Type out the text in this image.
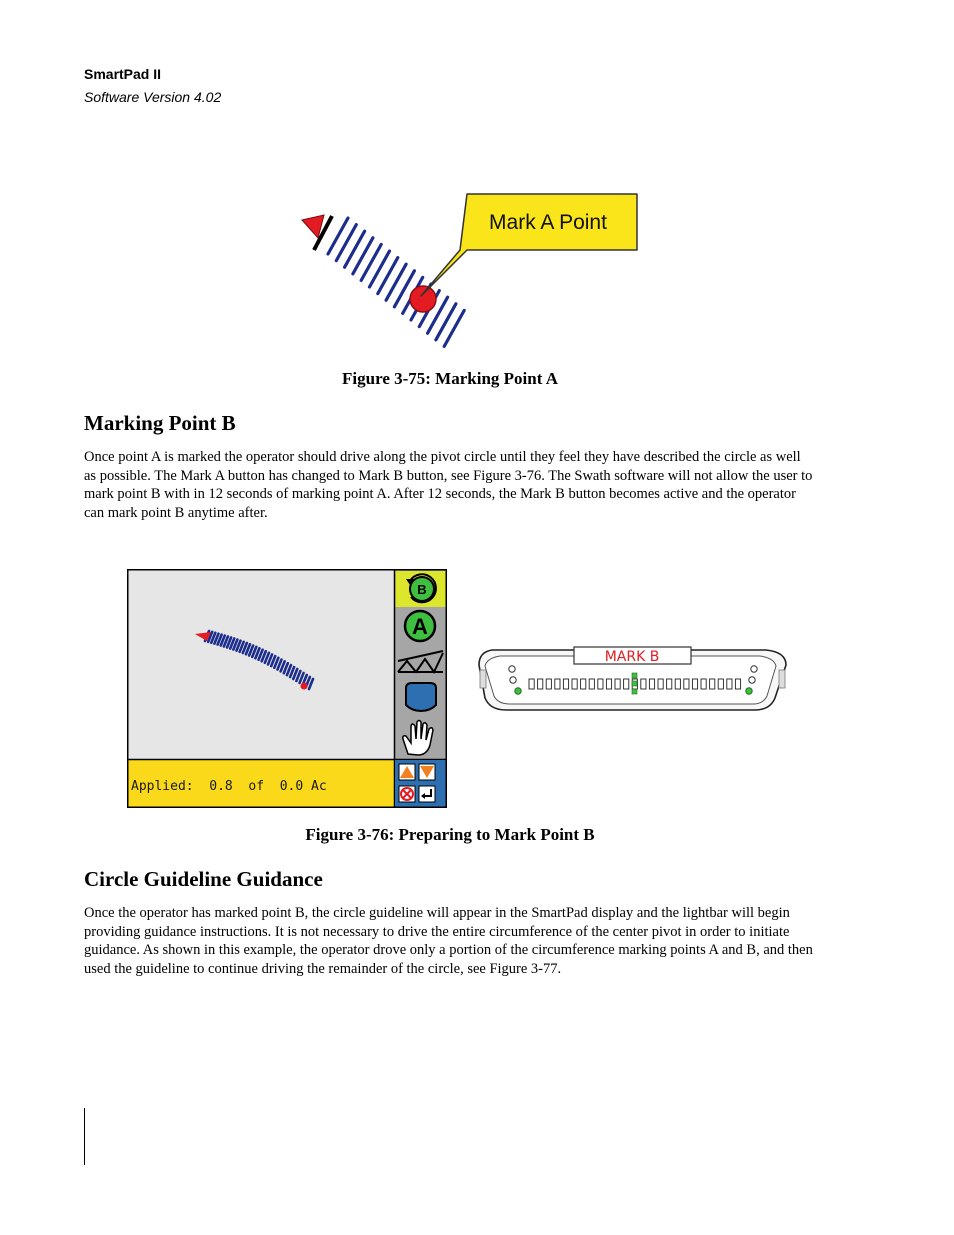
SmartPad II
Software Version 4.02
Mark A Point
Figure 3-75: Marking Point A
Marking Point B

Once point A is marked the operator should drive along the pivot circle until they feel they have described the circle as well as possible. The Mark A button has changed to Mark B button, see Figure 3-76. The Swath software will not allow the user to mark point B with in 12 seconds of marking point A. After 12 seconds, the Mark B button becomes active and the operator can mark point B anytime after.

B
A
Applied:  0.8  of  0.0 Ac
MARK B
Figure 3-76: Preparing to Mark Point B
Circle Guideline Guidance

Once the operator has marked point B, the circle guideline will appear in the SmartPad display and the lightbar will begin providing guidance instructions. It is not necessary to drive the entire circumference of the center pivot in order to initiate guidance. As shown in this example, the operator drove only a portion of the circumference marking points A and B, and then used the guideline to continue driving the remainder of the circle, see Figure 3-77.
